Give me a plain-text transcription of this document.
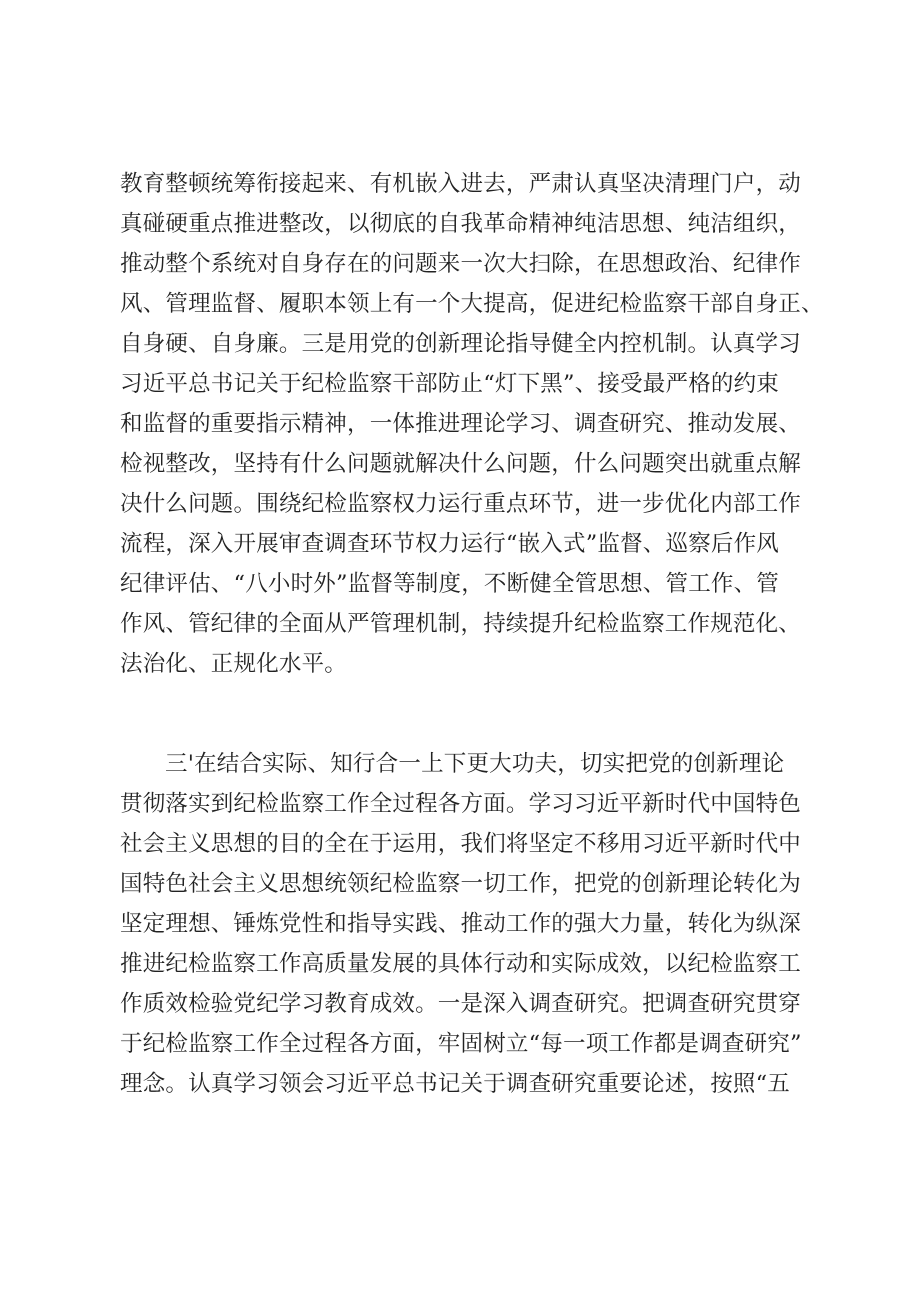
教育整顿统筹衔接起来、有机嵌入进去，严肃认真坚决清理门户，动
真碰硬重点推进整改，以彻底的自我革命精神纯洁思想、纯洁组织，
推动整个系统对自身存在的问题来一次大扫除，在思想政治、纪律作
风、管理监督、履职本领上有一个大提高，促进纪检监察干部自身正、
自身硬、自身廉。三是用党的创新理论指导健全内控机制。认真学习
习近平总书记关于纪检监察干部防止“灯下黑”、接受最严格的约束
和监督的重要指示精神，一体推进理论学习、调查研究、推动发展、
检视整改，坚持有什么问题就解决什么问题，什么问题突出就重点解
决什么问题。围绕纪检监察权力运行重点环节，进一步优化内部工作
流程，深入开展审查调查环节权力运行“嵌入式”监督、巡察后作风
纪律评估、“八小时外”监督等制度，不断健全管思想、管工作、管
作风、管纪律的全面从严管理机制，持续提升纪检监察工作规范化、
法治化、正规化水平。
三'在结合实际、知行合一上下更大功夫，切实把党的创新理论
贯彻落实到纪检监察工作全过程各方面。学习习近平新时代中国特色
社会主义思想的目的全在于运用，我们将坚定不移用习近平新时代中
国特色社会主义思想统领纪检监察一切工作，把党的创新理论转化为
坚定理想、锤炼党性和指导实践、推动工作的强大力量，转化为纵深
推进纪检监察工作高质量发展的具体行动和实际成效，以纪检监察工
作质效检验党纪学习教育成效。一是深入调查研究。把调查研究贯穿
于纪检监察工作全过程各方面，牢固树立“每一项工作都是调查研究”
理念。认真学习领会习近平总书记关于调查研究重要论述，按照“五
